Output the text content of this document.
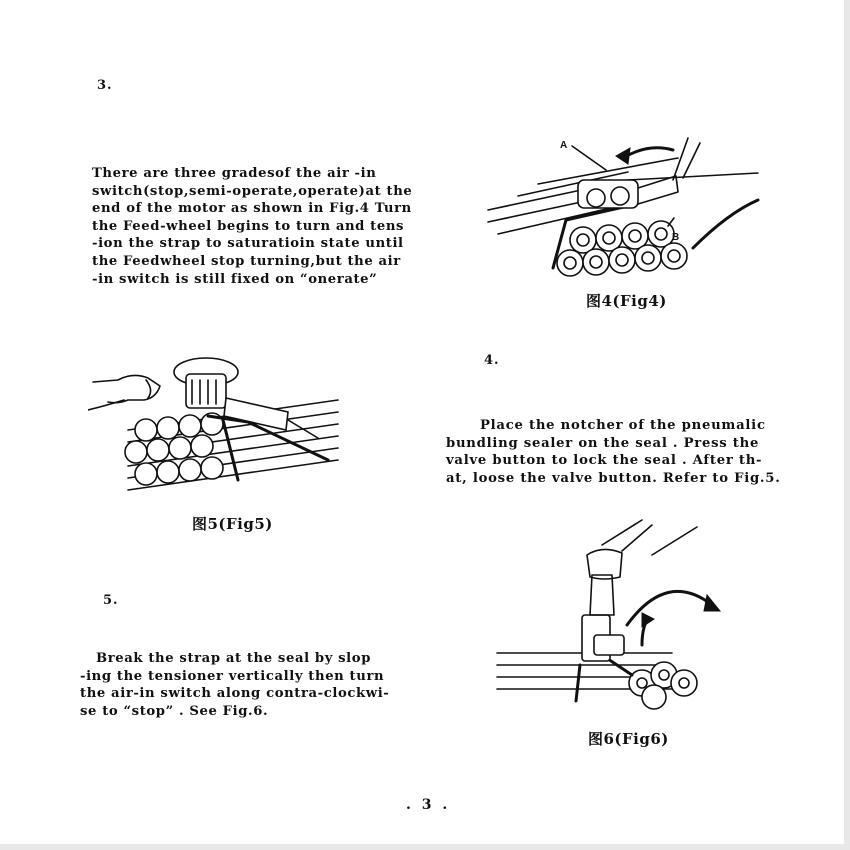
3.
There are three gradesof the air -in
switch(stop,semi-operate,operate)at the
end of the motor as shown in Fig.4 Turn
the Feed-wheel begins to turn and tens
-ion the strap to saturatioin state until
the Feedwheel stop turning,but the air
-in switch is still fixed on “onerate”
A
B
图4(Fig4)
4.
Place the notcher of the pneumalic
bundling sealer on the seal . Press the
valve button to lock the seal . After th-
at, loose the valve button. Refer to Fig.5.
图5(Fig5)
5.
Break the strap at the seal by slop
-ing the tensioner vertically then turn
the air-in switch along contra-clockwi-
se to “stop” . See Fig.6.
图6(Fig6)
. 3 .
